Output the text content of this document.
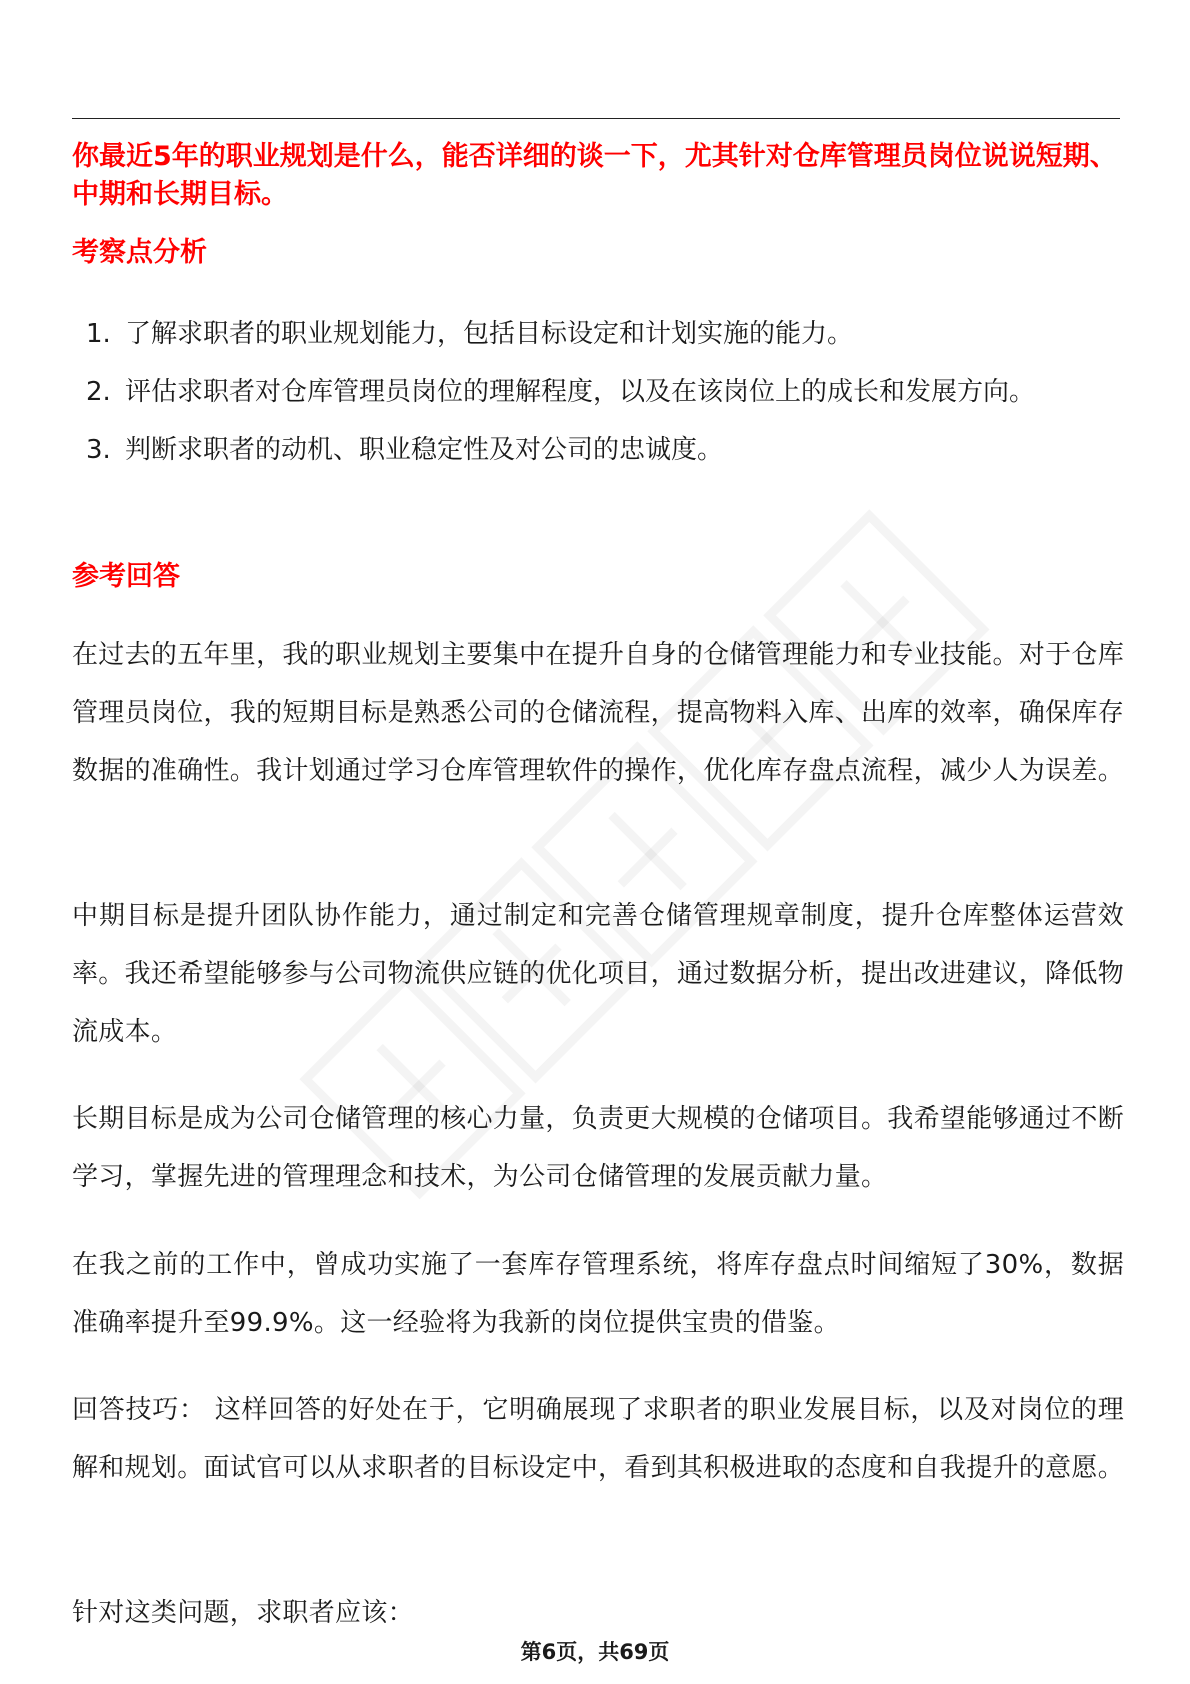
你最近5年的职业规划是什么，能否详细的谈一下，尤其针对仓库管理员岗位说说短期、中期和长期目标。

考察点分析
1. 了解求职者的职业规划能力，包括目标设定和计划实施的能力。
2. 评估求职者对仓库管理员岗位的理解程度，以及在该岗位上的成长和发展方向。
3. 判断求职者的动机、职业稳定性及对公司的忠诚度。
参考回答

在过去的五年里，我的职业规划主要集中在提升自身的仓储管理能力和专业技能。对于仓库管理员岗位，我的短期目标是熟悉公司的仓储流程，提高物料入库、出库的效率，确保库存数据的准确性。我计划通过学习仓库管理软件的操作，优化库存盘点流程，减少人为误差。

中期目标是提升团队协作能力，通过制定和完善仓储管理规章制度，提升仓库整体运营效率。我还希望能够参与公司物流供应链的优化项目，通过数据分析，提出改进建议，降低物流成本。

长期目标是成为公司仓储管理的核心力量，负责更大规模的仓储项目。我希望能够通过不断学习，掌握先进的管理理念和技术，为公司仓储管理的发展贡献力量。

在我之前的工作中，曾成功实施了一套库存管理系统，将库存盘点时间缩短了30%，数据准确率提升至99.9%。这一经验将为我新的岗位提供宝贵的借鉴。

回答技巧： 这样回答的好处在于，它明确展现了求职者的职业发展目标，以及对岗位的理解和规划。面试官可以从求职者的目标设定中，看到其积极进取的态度和自我提升的意愿。

针对这类问题，求职者应该：

第6页，共69页
